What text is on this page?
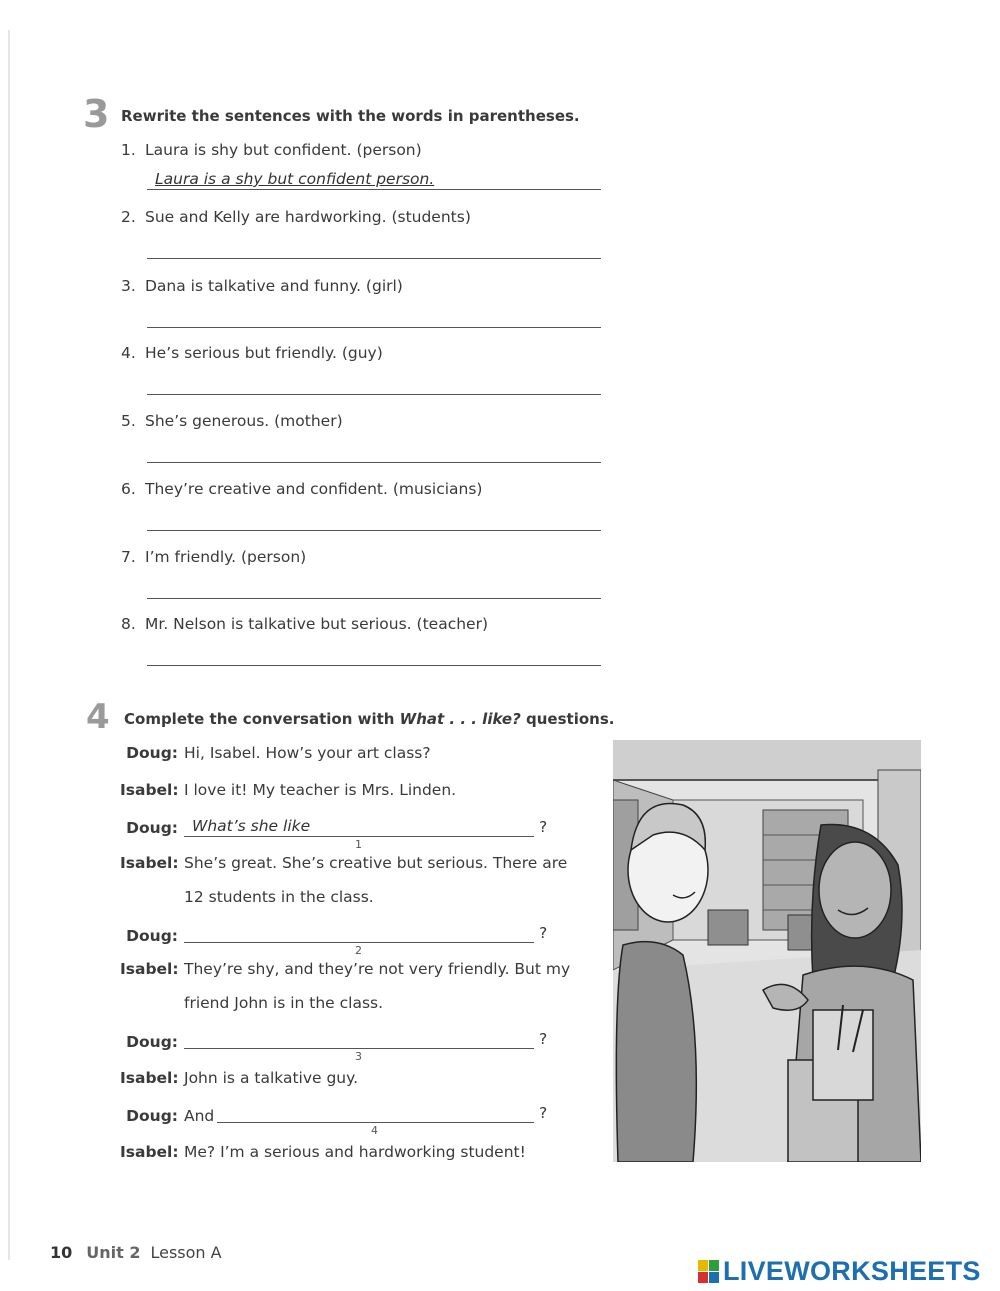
3 Rewrite the sentences with the words in parentheses.
1. Laura is shy but confident. (person)
Laura is a shy but confident person.
2. Sue and Kelly are hardworking. (students)
3. Dana is talkative and funny. (girl)
4. He’s serious but friendly. (guy)
5. She’s generous. (mother)
6. They’re creative and confident. (musicians)
7. I’m friendly. (person)
8. Mr. Nelson is talkative but serious. (teacher)
4 Complete the conversation with What . . . like? questions.
Doug: Hi, Isabel. How’s your art class?
Isabel: I love it! My teacher is Mrs. Linden.
Doug: What’s she like
1
?
Isabel: She’s great. She’s creative but serious. There are
12 students in the class.
Doug:
2
?
Isabel: They’re shy, and they’re not very friendly. But my
friend John is in the class.
Doug:
3
?
Isabel: John is a talkative guy.
Doug: And
4
?
Isabel: Me? I’m a serious and hardworking student!
10 Unit 2 Lesson A
LIVEWORKSHEETS
